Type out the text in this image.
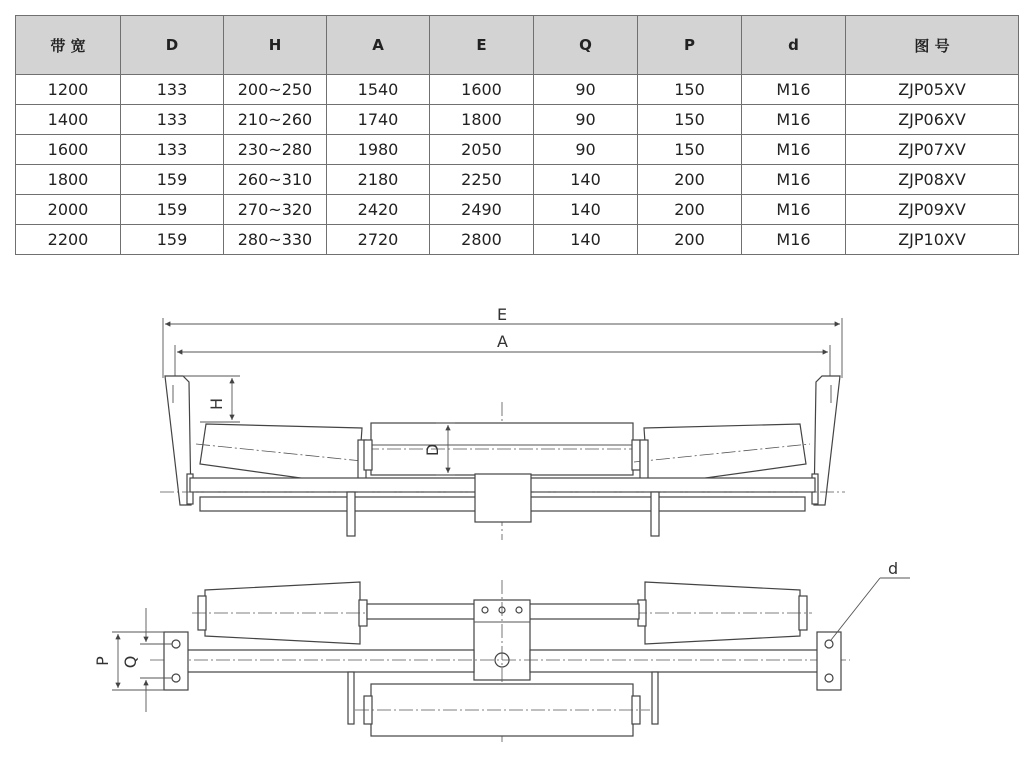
带 宽	D	H	A	E	Q	P	d	图 号
1200	133	200~250	1540	1600	90	150	M16	ZJP05XV
1400	133	210~260	1740	1800	90	150	M16	ZJP06XV
1600	133	230~280	1980	2050	90	150	M16	ZJP07XV
1800	159	260~310	2180	2250	140	200	M16	ZJP08XV
2000	159	270~320	2420	2490	140	200	M16	ZJP09XV
2200	159	280~330	2720	2800	140	200	M16	ZJP10XV
E
A
H
D
d
P Q
